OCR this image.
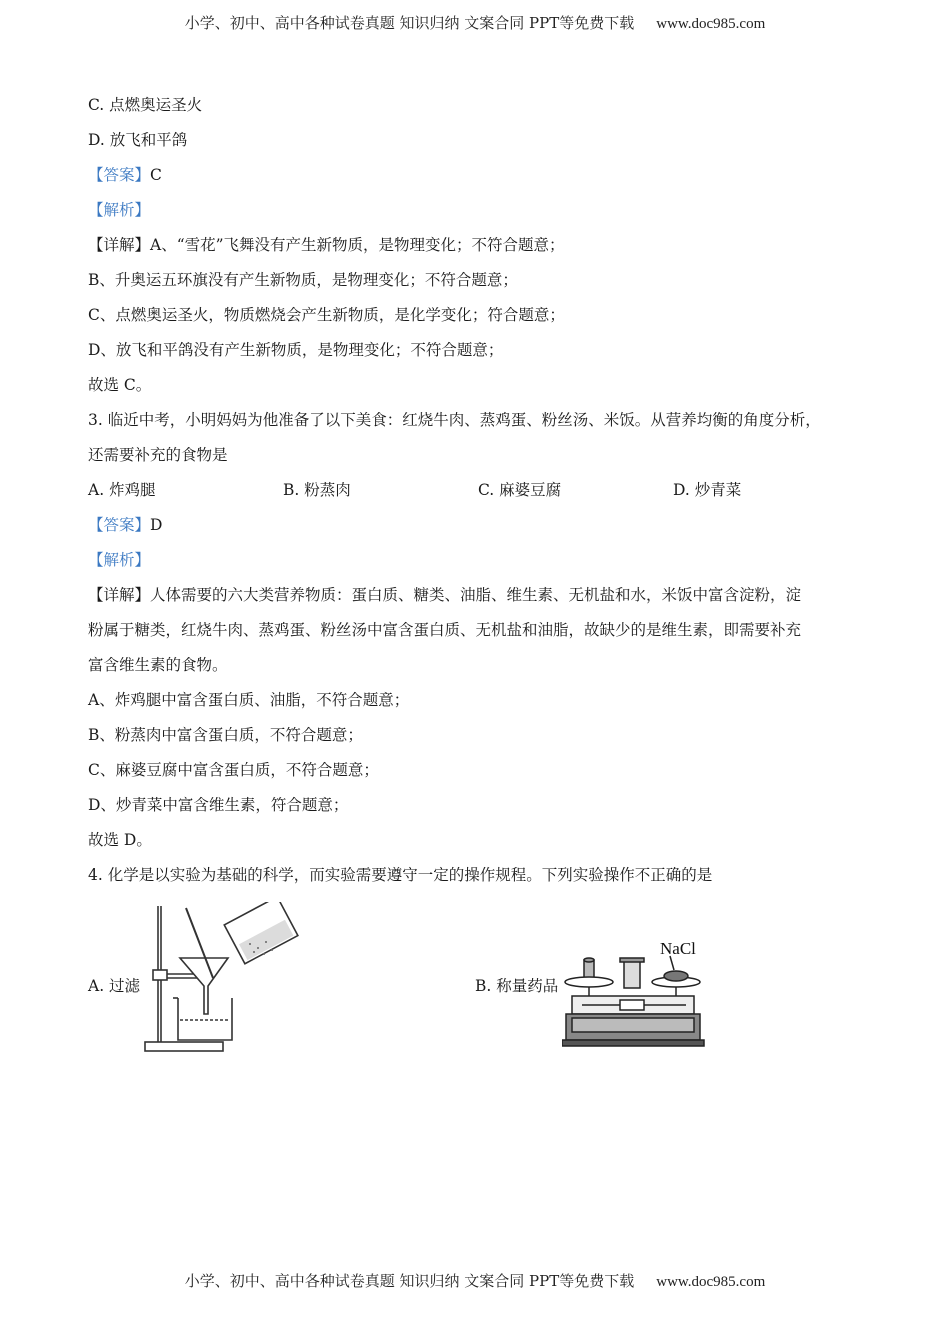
小学、初中、高中各种试卷真题 知识归纳 文案合同 PPT等免费下载 www.doc985.com
C. 点燃奥运圣火
D. 放飞和平鸽
【答案】C
【解析】
【详解】A、“雪花”飞舞没有产生新物质，是物理变化；不符合题意；
B、升奥运五环旗没有产生新物质，是物理变化；不符合题意；
C、点燃奥运圣火，物质燃烧会产生新物质，是化学变化；符合题意；
D、放飞和平鸽没有产生新物质，是物理变化；不符合题意；
故选 C。
3. 临近中考，小明妈妈为他准备了以下美食：红烧牛肉、蒸鸡蛋、粉丝汤、米饭。从营养均衡的角度分析，
还需要补充的食物是
A. 炸鸡腿	B. 粉蒸肉	C. 麻婆豆腐	D. 炒青菜
【答案】D
【解析】
【详解】人体需要的六大类营养物质：蛋白质、糖类、油脂、维生素、无机盐和水，米饭中富含淀粉，淀
粉属于糖类，红烧牛肉、蒸鸡蛋、粉丝汤中富含蛋白质、无机盐和油脂，故缺少的是维生素，即需要补充
富含维生素的食物。
A、炸鸡腿中富含蛋白质、油脂，不符合题意；
B、粉蒸肉中富含蛋白质，不符合题意；
C、麻婆豆腐中富含蛋白质，不符合题意；
D、炒青菜中富含维生素，符合题意；
故选 D。
4. 化学是以实验为基础的科学，而实验需要遵守一定的操作规程。下列实验操作不正确的是
A. 过滤	B. 称量药品
NaCl
小学、初中、高中各种试卷真题 知识归纳 文案合同 PPT等免费下载 www.doc985.com
